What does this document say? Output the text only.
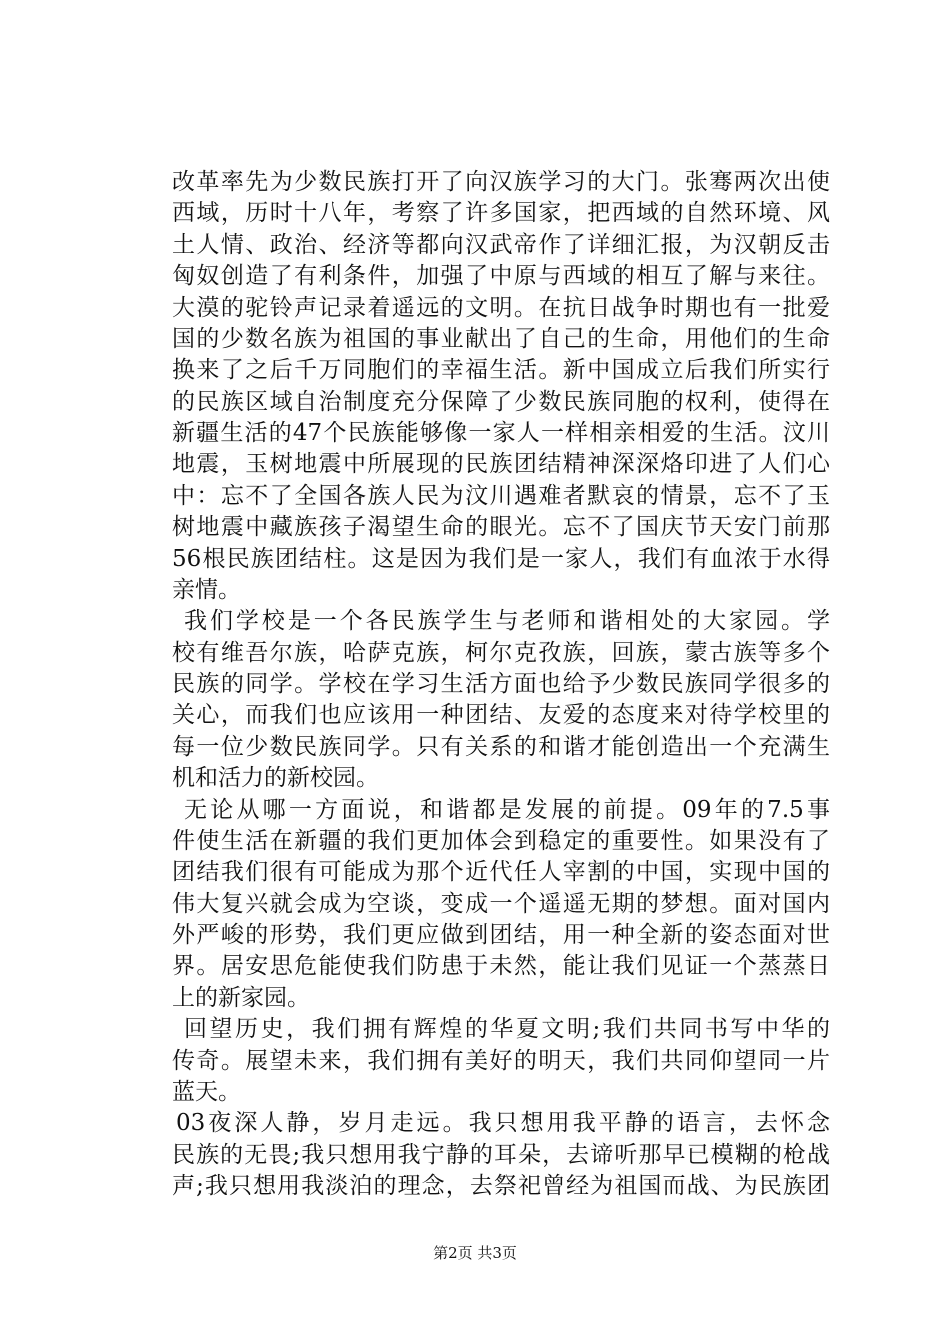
改革率先为少数民族打开了向汉族学习的大门。张骞两次出使
西域，历时十八年，考察了许多国家，把西域的自然环境、风
土人情、政治、经济等都向汉武帝作了详细汇报，为汉朝反击
匈奴创造了有利条件，加强了中原与西域的相互了解与来往。
大漠的驼铃声记录着遥远的文明。在抗日战争时期也有一批爱
国的少数名族为祖国的事业献出了自己的生命，用他们的生命
换来了之后千万同胞们的幸福生活。新中国成立后我们所实行
的民族区域自治制度充分保障了少数民族同胞的权利，使得在
新疆生活的47个民族能够像一家人一样相亲相爱的生活。汶川
地震，玉树地震中所展现的民族团结精神深深烙印进了人们心
中：忘不了全国各族人民为汶川遇难者默哀的情景，忘不了玉
树地震中藏族孩子渴望生命的眼光。忘不了国庆节天安门前那
56根民族团结柱。这是因为我们是一家人，我们有血浓于水得
亲情。
我们学校是一个各民族学生与老师和谐相处的大家园。学
校有维吾尔族，哈萨克族，柯尔克孜族，回族，蒙古族等多个
民族的同学。学校在学习生活方面也给予少数民族同学很多的
关心，而我们也应该用一种团结、友爱的态度来对待学校里的
每一位少数民族同学。只有关系的和谐才能创造出一个充满生
机和活力的新校园。
无论从哪一方面说，和谐都是发展的前提。09年的7.5事
件使生活在新疆的我们更加体会到稳定的重要性。如果没有了
团结我们很有可能成为那个近代任人宰割的中国，实现中国的
伟大复兴就会成为空谈，变成一个遥遥无期的梦想。面对国内
外严峻的形势，我们更应做到团结，用一种全新的姿态面对世
界。居安思危能使我们防患于未然，能让我们见证一个蒸蒸日
上的新家园。
回望历史，我们拥有辉煌的华夏文明;我们共同书写中华的
传奇。展望未来，我们拥有美好的明天，我们共同仰望同一片
蓝天。
03夜深人静，岁月走远。我只想用我平静的语言，去怀念
民族的无畏;我只想用我宁静的耳朵，去谛听那早已模糊的枪战
声;我只想用我淡泊的理念，去祭祀曾经为祖国而战、为民族团
第2页 共3页
